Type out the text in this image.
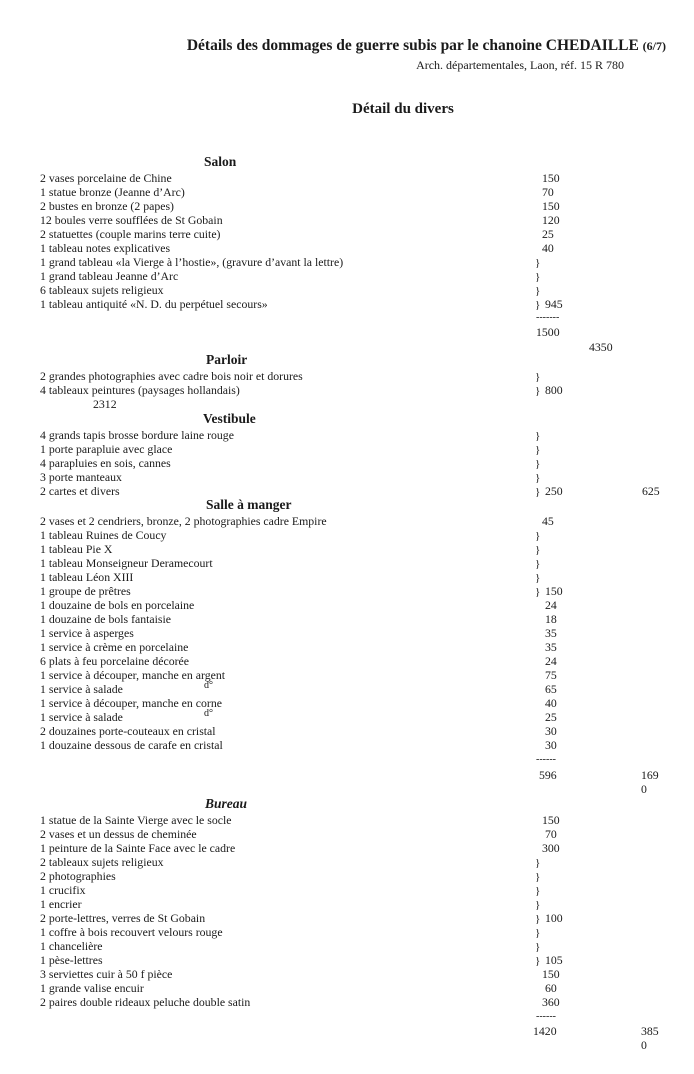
Détails des dommages de guerre subis par le chanoine CHEDAILLE (6/7)
Arch. départementales, Laon, réf. 15 R 780
Détail du divers
Salon
2 vases porcelaine de Chine	150
1 statue bronze (Jeanne d’Arc)	70
2 bustes en bronze (2 papes)	150
12 boules verre soufflées de St Gobain	120
2 statuettes (couple marins terre cuite)	25
1 tableau notes explicatives	40
1 grand tableau «la Vierge à l’hostie», (gravure d’avant la lettre)	}
1 grand tableau Jeanne d’Arc	}
6 tableaux sujets religieux	}
1 tableau antiquité «N. D. du perpétuel secours»	} 945
-------
1500
4350
Parloir
2 grandes photographies avec cadre bois noir et dorures	}
4 tableaux peintures (paysages hollandais)	} 800
2312
Vestibule
4 grands tapis brosse bordure laine rouge	}
1 porte parapluie avec glace	}
4 parapluies en sois, cannes	}
3 porte manteaux	}
2 cartes et divers	} 250	625
Salle à manger
2 vases et 2 cendriers, bronze, 2 photographies cadre Empire	45
1 tableau Ruines de Coucy	}
1 tableau Pie X	}
1 tableau Monseigneur Deramecourt	}
1 tableau Léon XIII	}
1 groupe de prêtres	} 150
1 douzaine de bols en porcelaine	24
1 douzaine de bols fantaisie	18
1 service à asperges	35
1 service à crème en porcelaine	35
6 plats à feu porcelaine décorée	24
1 service à découper, manche en argent	75
1 service à salade	d°	65
1 service à découper, manche en corne	40
1 service à salade	d°	25
2 douzaines porte-couteaux en cristal	30
1 douzaine dessous de carafe en cristal	30
------
596	169
0
Bureau
1 statue de la Sainte Vierge avec le socle	150
2 vases et un dessus de cheminée	70
1 peinture de la Sainte Face avec le cadre	300
2 tableaux sujets religieux	}
2 photographies	}
1 crucifix	}
1 encrier	}
2 porte-lettres, verres de St Gobain	} 100
1 coffre à bois recouvert velours rouge	}
1 chancelière	}
1 pèse-lettres	} 105
3 serviettes cuir à 50 f pièce	150
1 grande valise encuir	60
2 paires double rideaux peluche double satin	360
------
1420	385
0
